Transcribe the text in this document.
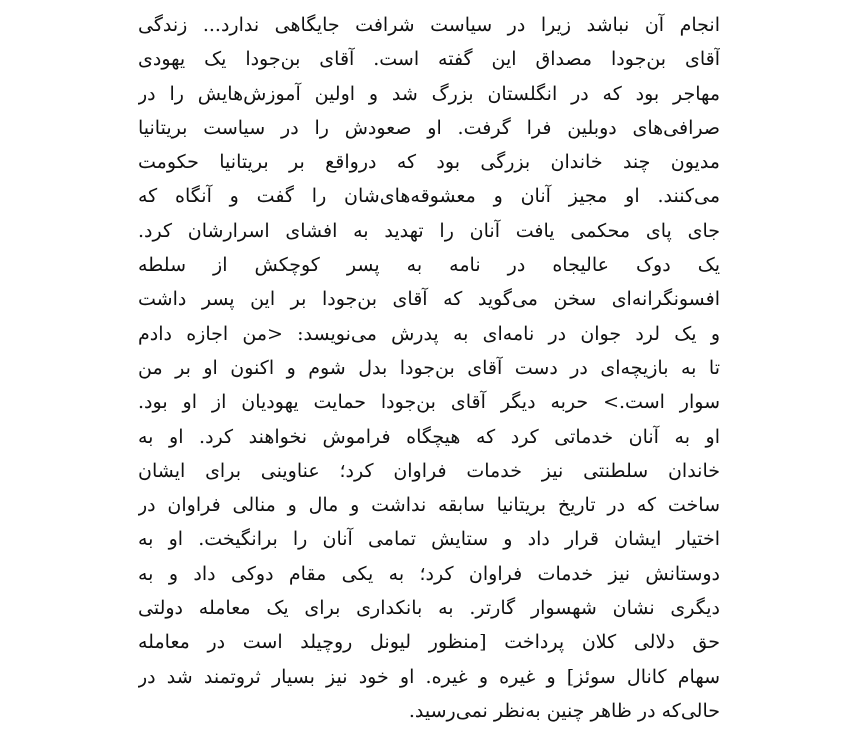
انجام آن نباشد زیرا در سیاست شرافت جایگاهی ندارد... زندگی
آقای بن‌جودا مصداق این گفته است. آقای بن‌جودا یک یهودی
مهاجر بود که در انگلستان بزرگ شد و اولین آموزش‌هایش را در
صرافی‌های دوبلین فرا گرفت. او صعودش را در سیاست بریتانیا
مدیون چند خاندان بزرگی بود که درواقع بر بریتانیا حکومت
می‌کنند. او مجیز آنان و معشوقه‌های‌شان را گفت و آنگاه که
جای پای محکمی یافت آنان را تهدید به افشای اسرارشان کرد.
یک دوک عالیجاه در نامه به پسر کوچکش از سلطه
افسونگرانه‌ای سخن می‌گوید که آقای بن‌جودا بر این پسر داشت
و یک لرد جوان در نامه‌ای به پدرش می‌نویسد: <من اجازه دادم
تا به بازیچه‌ای در دست آقای بن‌جودا بدل شوم و اکنون او بر من
سوار است.> حربه دیگر آقای بن‌جودا حمایت یهودیان از او بود.
او به آنان خدماتی کرد که هیچگاه فراموش نخواهند کرد. او به
خاندان سلطنتی نیز خدمات فراوان کرد؛ عناوینی برای ایشان
ساخت که در تاریخ بریتانیا سابقه نداشت و مال و منالی فراوان در
اختیار ایشان قرار داد و ستایش تمامی آنان را برانگیخت. او به
دوستانش نیز خدمات فراوان کرد؛ به یکی مقام دوکی داد و به
دیگری نشان شهسوار گارتر. به بانکداری برای یک معامله دولتی
حق دلالی کلان پرداخت [منظور لیونل روچیلد است در معامله
سهام کانال سوئز] و غیره و غیره. او خود نیز بسیار ثروتمند شد در
حالی‌که در ظاهر چنین به‌نظر نمی‌رسید.
